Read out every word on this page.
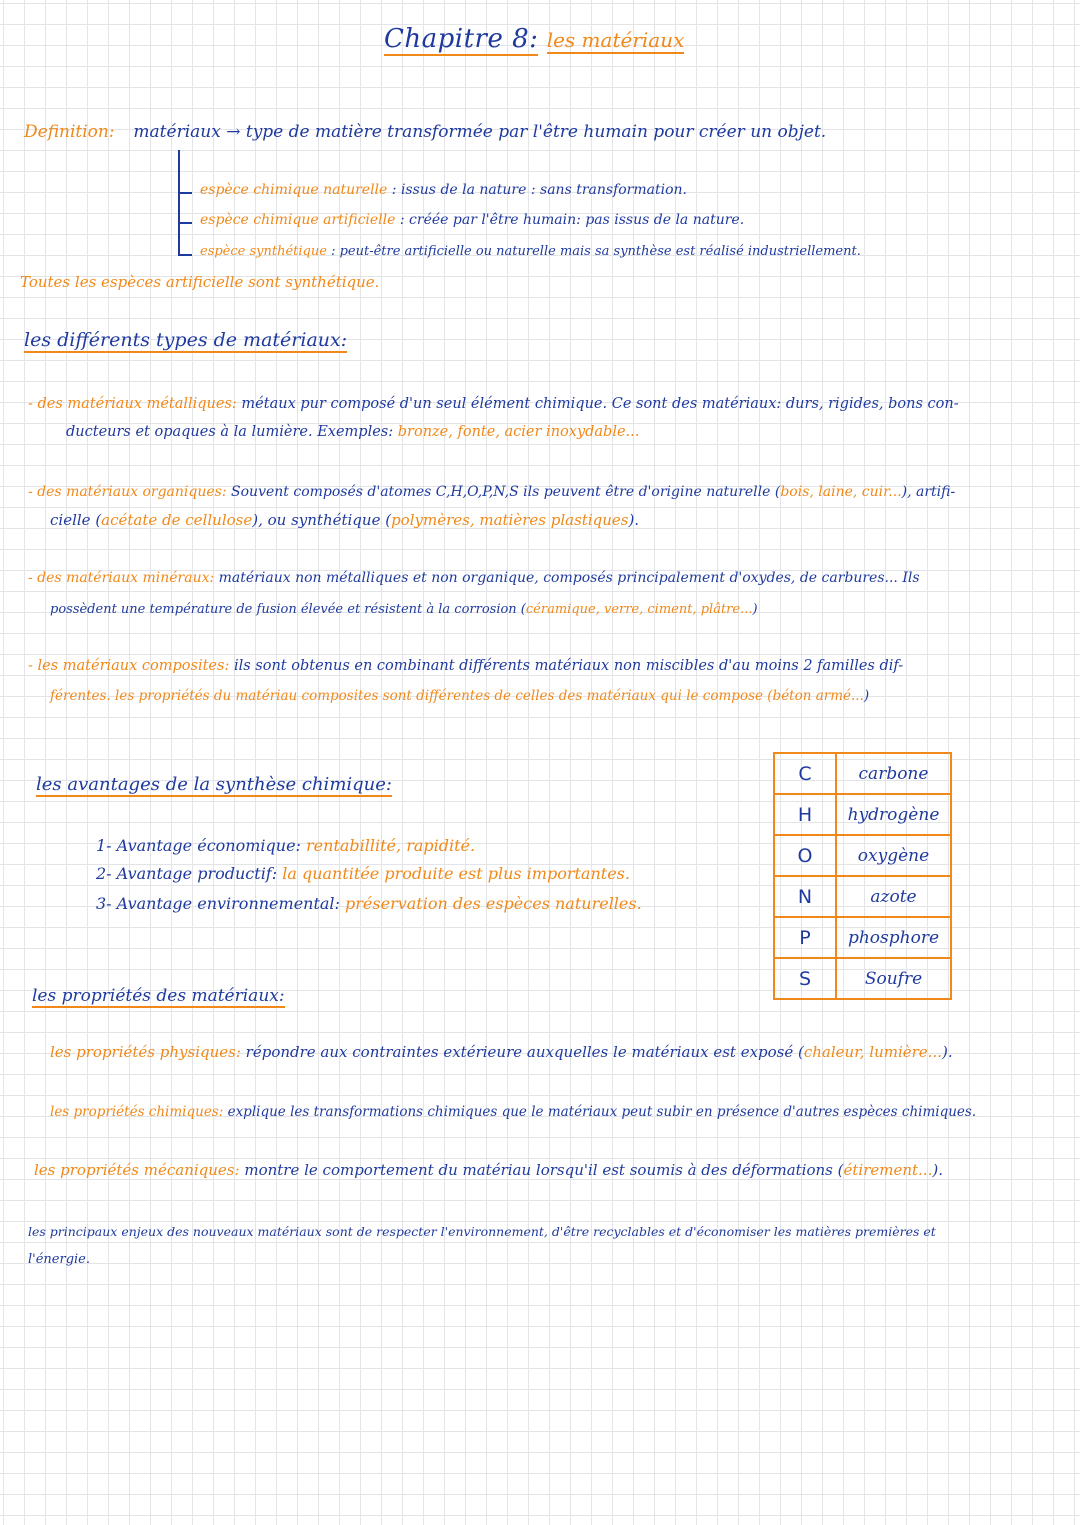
Chapitre 8: les matériaux
Definition: matériaux → type de matière transformée par l'être humain pour créer un objet.
espèce chimique naturelle : issus de la nature : sans transformation.
espèce chimique artificielle : créée par l'être humain: pas issus de la nature.
espèce synthétique : peut-être artificielle ou naturelle mais sa synthèse est réalisé industriellement.
Toutes les espèces artificielle sont synthétique.
les différents types de matériaux:
- des matériaux métalliques: métaux pur composé d'un seul élément chimique. Ce sont des matériaux: durs, rigides, bons con-
ducteurs et opaques à la lumière. Exemples: bronze, fonte, acier inoxydable...
- des matériaux organiques: Souvent composés d'atomes C,H,O,P,N,S ils peuvent être d'origine naturelle (bois, laine, cuir...), artifi-
cielle (acétate de cellulose), ou synthétique (polymères, matières plastiques).
- des matériaux minéraux: matériaux non métalliques et non organique, composés principalement d'oxydes, de carbures... Ils
possèdent une température de fusion élevée et résistent à la corrosion (céramique, verre, ciment, plâtre...)
- les matériaux composites: ils sont obtenus en combinant différents matériaux non miscibles d'au moins 2 familles dif-
férentes. les propriétés du matériau composites sont différentes de celles des matériaux qui le compose (béton armé...)
les avantages de la synthèse chimique:
1- Avantage économique: rentabillité, rapidité.
2- Avantage productif: la quantitée produite est plus importantes.
3- Avantage environnemental: préservation des espèces naturelles.
C	carbone
H	hydrogène
O	oxygène
N	azote
P	phosphore
S	Soufre
les propriétés des matériaux:
les propriétés physiques: répondre aux contraintes extérieure auxquelles le matériaux est exposé (chaleur, lumière...).
les propriétés chimiques: explique les transformations chimiques que le matériaux peut subir en présence d'autres espèces chimiques.
les propriétés mécaniques: montre le comportement du matériau lorsqu'il est soumis à des déformations (étirement...).
les principaux enjeux des nouveaux matériaux sont de respecter l'environnement, d'être recyclables et d'économiser les matières premières et
l'énergie.
